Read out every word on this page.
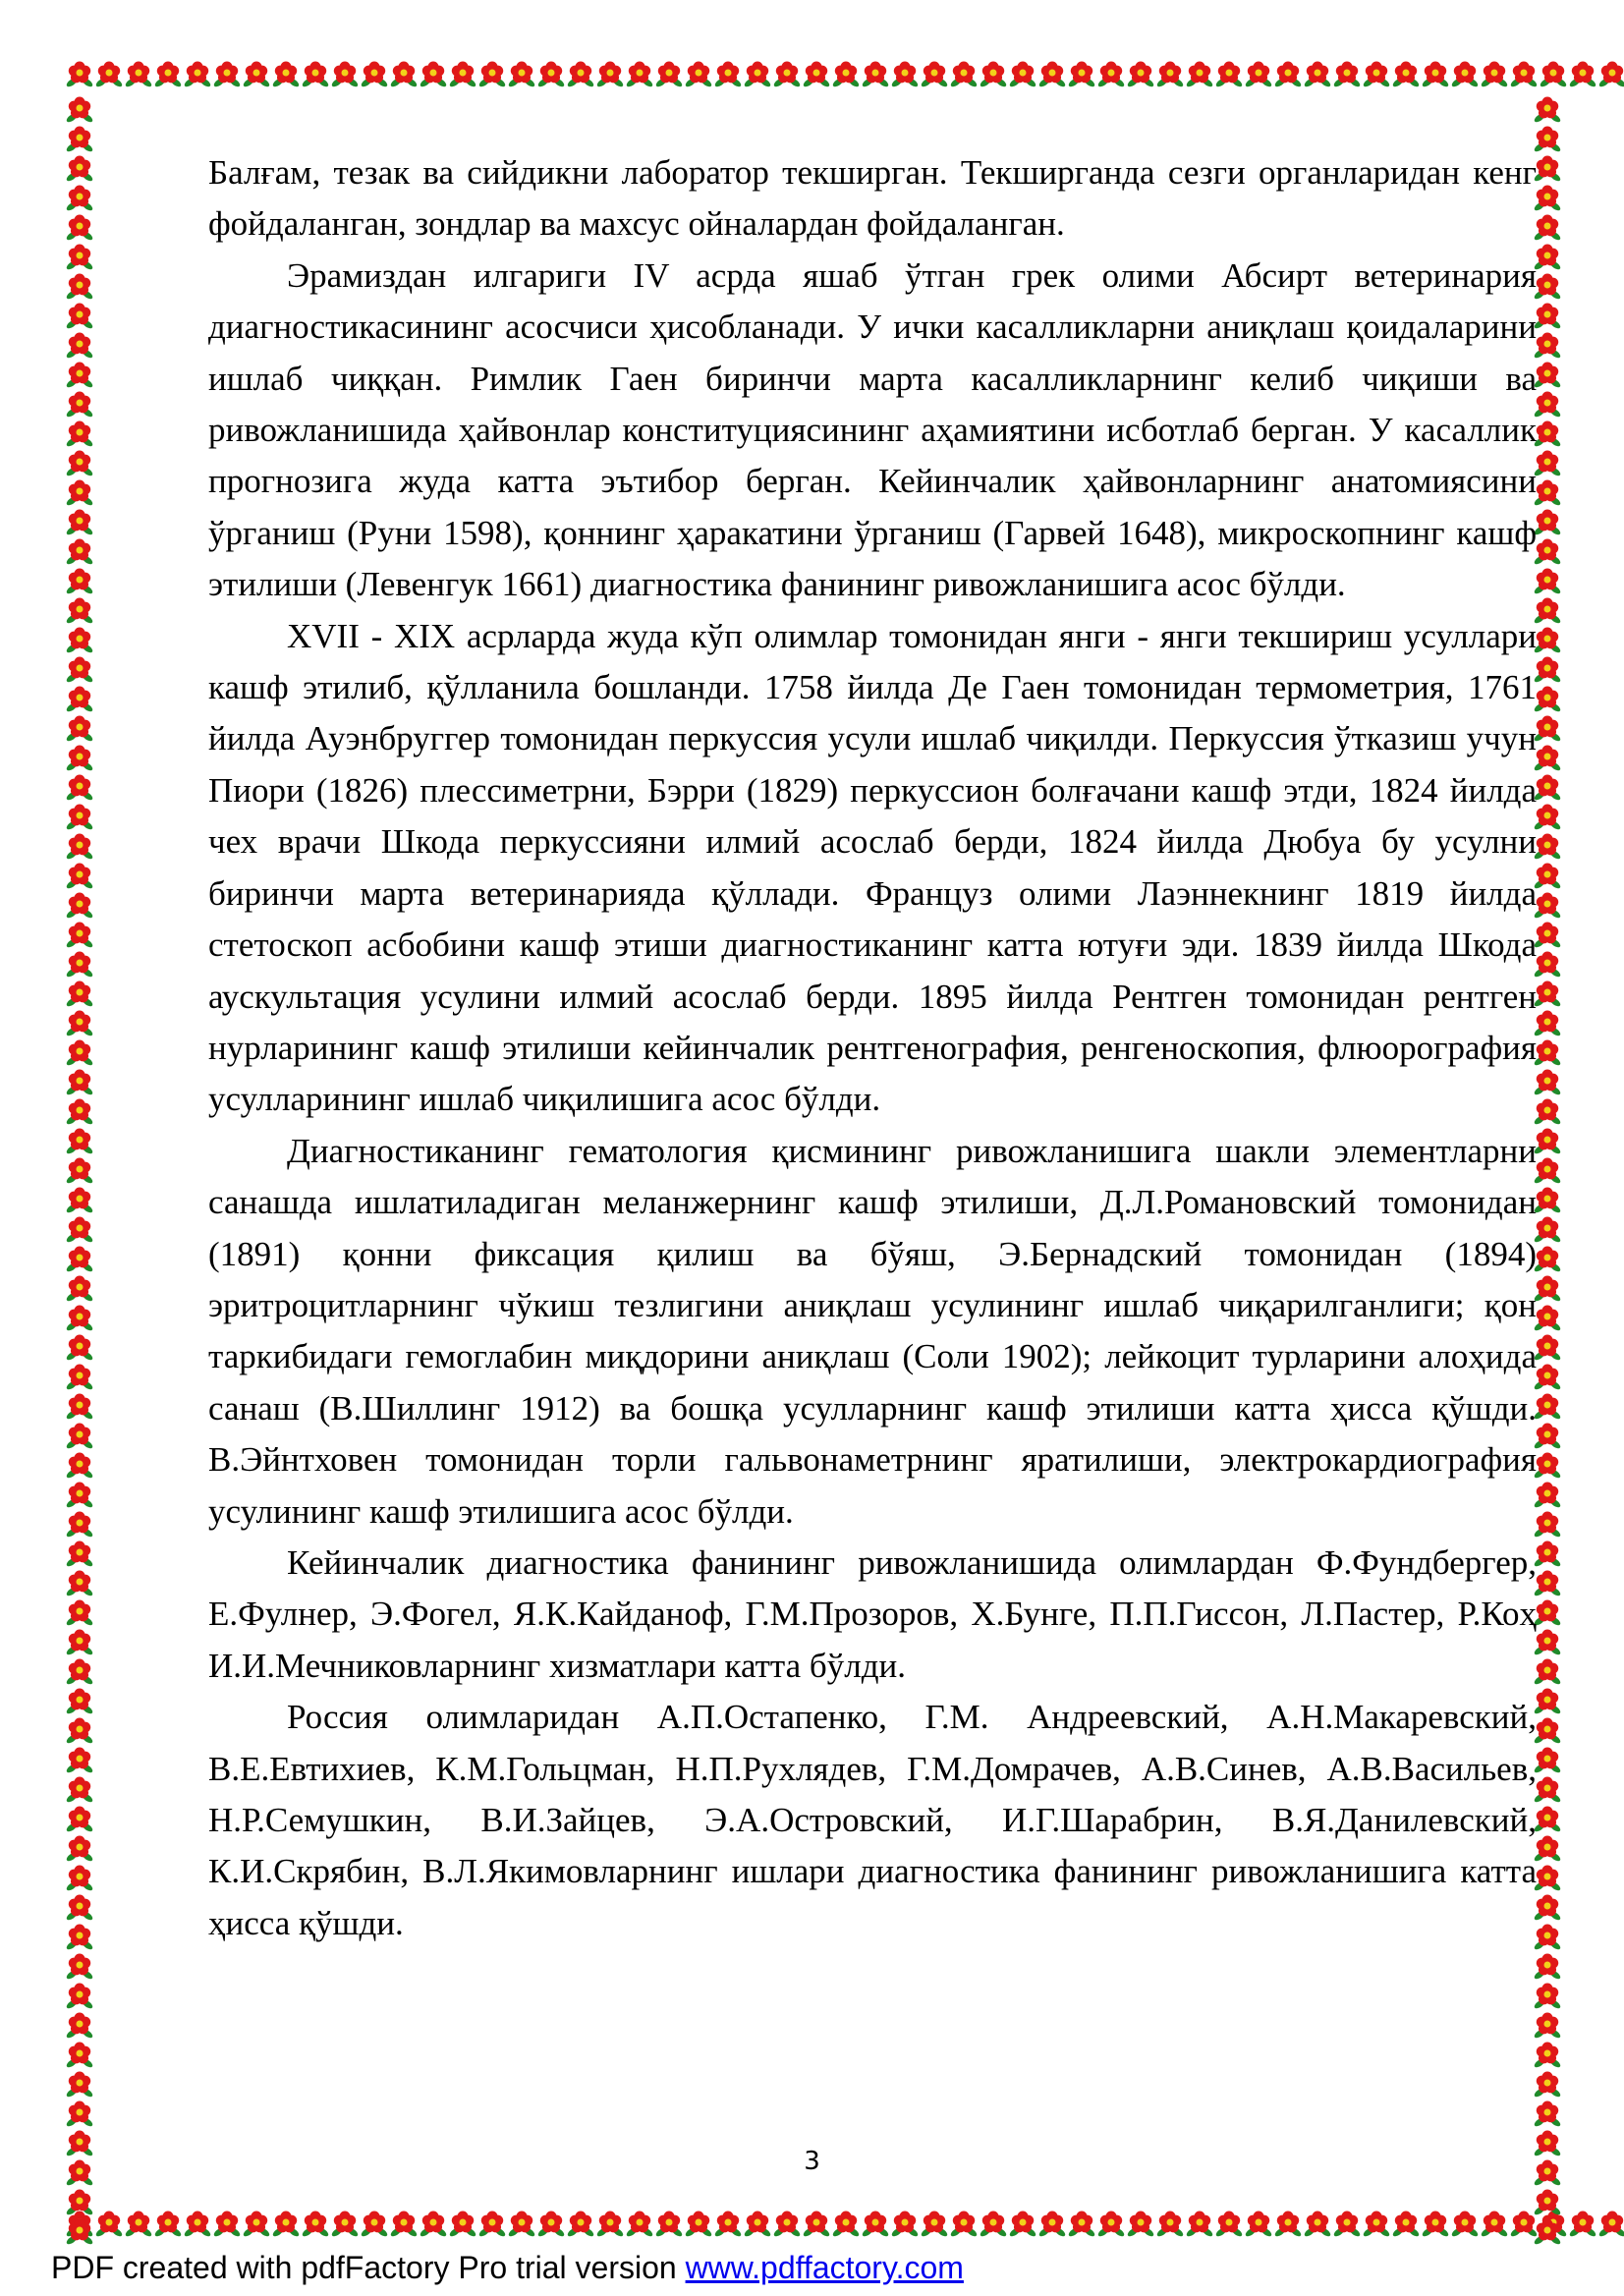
Балғам, тезак ва сийдикни лаборатор текширган. Текширганда сезги органларидан кенг фойдаланган, зондлар ва махсус ойналардан фойдаланган.

Эрамиздан илгариги IV асрда яшаб ўтган грек олими Абсирт ветеринария диагностикасининг асосчиси ҳисобланади. У ички касалликларни аниқлаш қоидаларини ишлаб чиққан. Римлик Гаен биринчи марта касалликларнинг келиб чиқиши ва ривожланишида ҳайвонлар конституциясининг аҳамиятини исботлаб берган. У касаллик прогнозига жуда катта эътибор берган. Кейинчалик ҳайвонларнинг анатомиясини ўрганиш (Руни 1598), қоннинг ҳаракатини ўрганиш (Гарвей 1648), микроскопнинг кашф этилиши (Левенгук 1661) диагностика фанининг ривожланишига асос бўлди.

XVII - XIX асрларда жуда кўп олимлар томонидан янги - янги текшириш усуллари кашф этилиб, қўлланила бошланди. 1758 йилда Де Гаен томонидан термометрия, 1761 йилда Ауэнбруггер томонидан перкуссия усули ишлаб чиқилди. Перкуссия ўтказиш учун Пиори (1826) плессиметрни, Бэрри (1829) перкуссион болғачани кашф этди, 1824 йилда чех врачи Шкода перкуссияни илмий асослаб берди, 1824 йилда Дюбуа бу усулни биринчи марта ветеринарияда қўллади. Француз олими Лаэннекнинг 1819 йилда стетоскоп асбобини кашф этиши диагностиканинг катта ютуғи эди. 1839 йилда Шкода аускультация усулини илмий асослаб берди. 1895 йилда Рентген томонидан рентген нурларининг кашф этилиши кейинчалик рентгенография, ренгеноскопия, флюорография усулларининг ишлаб чиқилишига асос бўлди.

Диагностиканинг гематология қисмининг ривожланишига шакли элементларни санашда ишлатиладиган меланжернинг кашф этилиши, Д.Л.Романовский томонидан (1891) қонни фиксация қилиш ва бўяш, Э.Бернадский томонидан (1894) эритроцитларнинг чўкиш тезлигини аниқлаш усулининг ишлаб чиқарилганлиги; қон таркибидаги гемоглабин миқдорини аниқлаш (Соли 1902); лейкоцит турларини алоҳида санаш (В.Шиллинг 1912) ва бошқа усулларнинг кашф этилиши катта ҳисса қўшди. В.Эйнтховен томонидан торли гальвонаметрнинг яратилиши, электрокардиография усулининг кашф этилишига асос бўлди.

Кейинчалик диагностика фанининг ривожланишида олимлардан Ф.Фундбергер, Е.Фулнер, Э.Фогел, Я.К.Кайданоф, Г.М.Прозоров, Х.Бунге, П.П.Гиссон, Л.Пастер, Р.Коҳ И.И.Мечниковларнинг хизматлари катта бўлди.

Россия олимларидан А.П.Остапенко, Г.М. Андреевский, А.Н.Макаревский, В.Е.Евтихиев, К.М.Гольцман, Н.П.Рухлядев, Г.М.Домрачев, А.В.Синев, А.В.Васильев, Н.Р.Семушкин, В.И.Зайцев, Э.А.Островский, И.Г.Шарабрин, В.Я.Данилевский, К.И.Скрябин, В.Л.Якимовларнинг ишлари диагностика фанининг ривожланишига катта ҳисса қўшди.

3
PDF created with pdfFactory Pro trial version www.pdffactory.com
